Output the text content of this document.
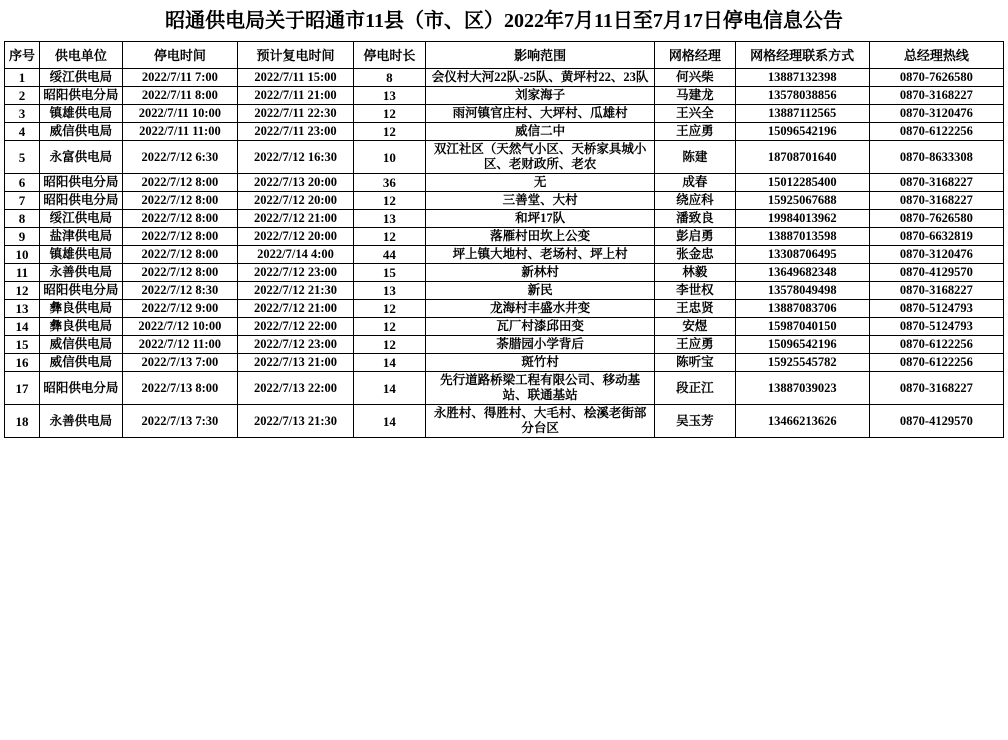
昭通供电局关于昭通市11县（市、区）2022年7月11日至7月17日停电信息公告
序号	供电单位	停电时间	预计复电时间	停电时长	影响范围	网格经理	网格经理联系方式	总经理热线
1	绥江供电局	2022/7/11 7:00	2022/7/11 15:00	8	会仪村大河22队-25队、黄坪村22、23队	何兴柴	13887132398	0870-7626580
2	昭阳供电分局	2022/7/11 8:00	2022/7/11 21:00	13	刘家海子	马建龙	13578038856	0870-3168227
3	镇雄供电局	2022/7/11 10:00	2022/7/11 22:30	12	雨河镇官庄村、大坪村、瓜雄村	王兴全	13887112565	0870-3120476
4	威信供电局	2022/7/11 11:00	2022/7/11 23:00	12	威信二中	王应勇	15096542196	0870-6122256
5	永富供电局	2022/7/12 6:30	2022/7/12 16:30	10	双江社区（天然气小区、天桥家具城小区、老财政所、老农	陈建	18708701640	0870-8633308
6	昭阳供电分局	2022/7/12 8:00	2022/7/13 20:00	36	无	成春	15012285400	0870-3168227
7	昭阳供电分局	2022/7/12 8:00	2022/7/12 20:00	12	三善堂、大村	绕应科	15925067688	0870-3168227
8	绥江供电局	2022/7/12 8:00	2022/7/12 21:00	13	和坪17队	潘致良	19984013962	0870-7626580
9	盐津供电局	2022/7/12 8:00	2022/7/12 20:00	12	落雁村田坎上公变	彭启勇	13887013598	0870-6632819
10	镇雄供电局	2022/7/12 8:00	2022/7/14 4:00	44	坪上镇大地村、老场村、坪上村	张金忠	13308706495	0870-3120476
11	永善供电局	2022/7/12 8:00	2022/7/12 23:00	15	新林村	林毅	13649682348	0870-4129570
12	昭阳供电分局	2022/7/12 8:30	2022/7/12 21:30	13	新民	李世权	13578049498	0870-3168227
13	彝良供电局	2022/7/12 9:00	2022/7/12 21:00	12	龙海村丰盛水井变	王忠贤	13887083706	0870-5124793
14	彝良供电局	2022/7/12 10:00	2022/7/12 22:00	12	瓦厂村漆邱田变	安煜	15987040150	0870-5124793
15	威信供电局	2022/7/12 11:00	2022/7/12 23:00	12	荼腊园小学背后	王应勇	15096542196	0870-6122256
16	威信供电局	2022/7/13 7:00	2022/7/13 21:00	14	斑竹村	陈听宝	15925545782	0870-6122256
17	昭阳供电分局	2022/7/13 8:00	2022/7/13 22:00	14	先行道路桥梁工程有限公司、移动基站、联通基站	段正江	13887039023	0870-3168227
18	永善供电局	2022/7/13 7:30	2022/7/13 21:30	14	永胜村、得胜村、大毛村、桧溪老街部分台区	吴玉芳	13466213626	0870-4129570
